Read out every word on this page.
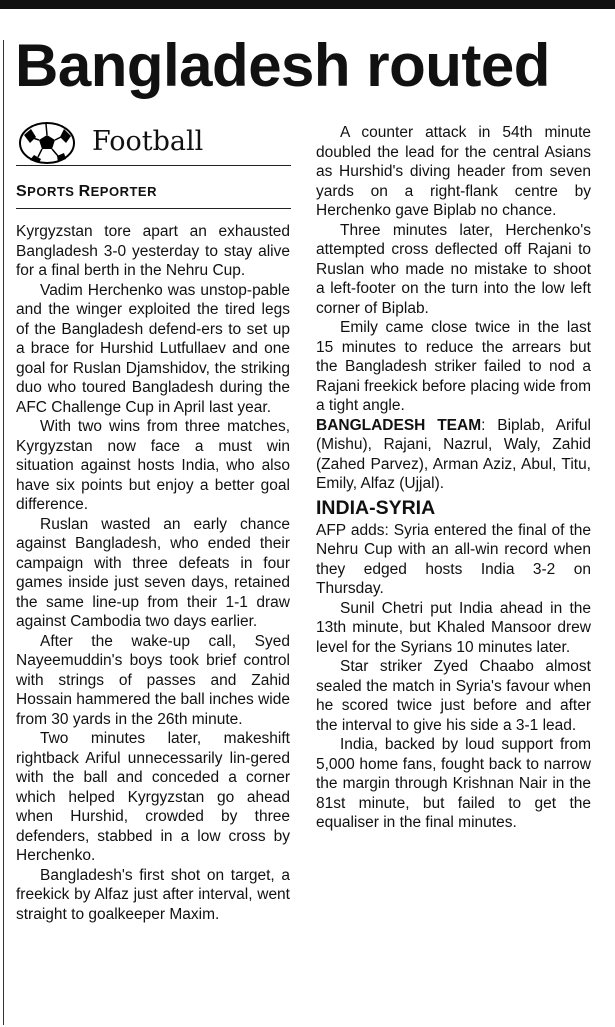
Bangladesh routed
Football
SPORTS REPORTER

Kyrgyzstan tore apart an exhausted Bangladesh 3-0 yesterday to stay alive for a final berth in the Nehru Cup.

Vadim Herchenko was unstop-pable and the winger exploited the tired legs of the Bangladesh defend-ers to set up a brace for Hurshid Lutfullaev and one goal for Ruslan Djamshidov, the striking duo who toured Bangladesh during the AFC Challenge Cup in April last year.

With two wins from three matches, Kyrgyzstan now face a must win situation against hosts India, who also have six points but enjoy a better goal difference.

Ruslan wasted an early chance against Bangladesh, who ended their campaign with three defeats in four games inside just seven days, retained the same line-up from their 1-1 draw against Cambodia two days earlier.

After the wake-up call, Syed Nayeemuddin's boys took brief control with strings of passes and Zahid Hossain hammered the ball inches wide from 30 yards in the 26th minute.

Two minutes later, makeshift rightback Ariful unnecessarily lin-gered with the ball and conceded a corner which helped Kyrgyzstan go ahead when Hurshid, crowded by three defenders, stabbed in a low cross by Herchenko.

Bangladesh's first shot on target, a freekick by Alfaz just after interval, went straight to goalkeeper Maxim.

A counter attack in 54th minute doubled the lead for the central Asians as Hurshid's diving header from seven yards on a right-flank centre by Herchenko gave Biplab no chance.

Three minutes later, Herchenko's attempted cross deflected off Rajani to Ruslan who made no mistake to shoot a left-footer on the turn into the low left corner of Biplab.

Emily came close twice in the last 15 minutes to reduce the arrears but the Bangladesh striker failed to nod a Rajani freekick before placing wide from a tight angle.

BANGLADESH TEAM: Biplab, Ariful (Mishu), Rajani, Nazrul, Waly, Zahid (Zahed Parvez), Arman Aziz, Abul, Titu, Emily, Alfaz (Ujjal).

INDIA-SYRIA

AFP adds: Syria entered the final of the Nehru Cup with an all-win record when they edged hosts India 3-2 on Thursday.

Sunil Chetri put India ahead in the 13th minute, but Khaled Mansoor drew level for the Syrians 10 minutes later.

Star striker Zyed Chaabo almost sealed the match in Syria's favour when he scored twice just before and after the interval to give his side a 3-1 lead.

India, backed by loud support from 5,000 home fans, fought back to narrow the margin through Krishnan Nair in the 81st minute, but failed to get the equaliser in the final minutes.
